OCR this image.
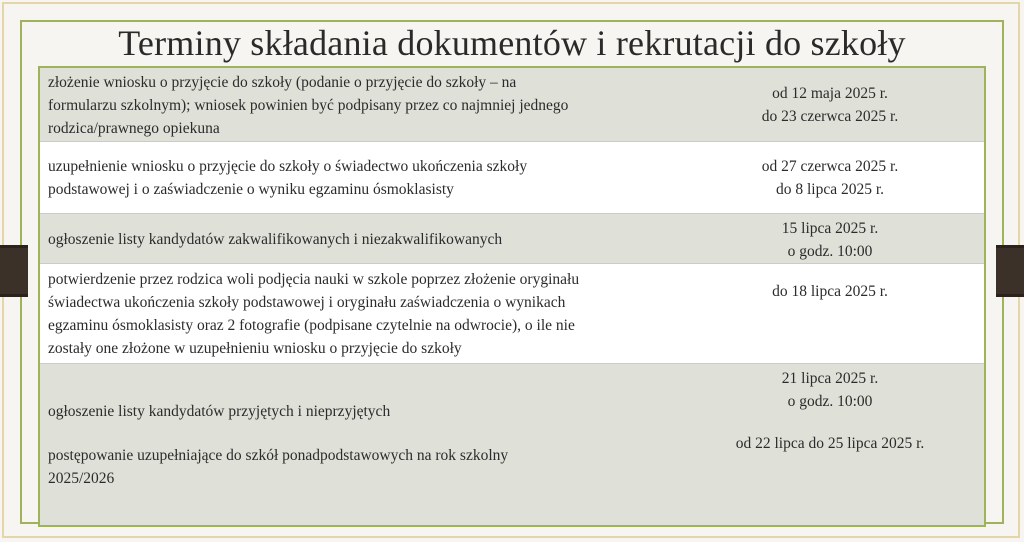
Terminy składania dokumentów i rekrutacji do szkoły
złożenie wniosku o przyjęcie do szkoły (podanie o przyjęcie do szkoły – na
formularzu szkolnym); wniosek powinien być podpisany przez co najmniej jednego
rodzica/prawnego opiekuna
od 12 maja 2025 r.
do 23 czerwca 2025 r.
uzupełnienie wniosku o przyjęcie do szkoły o świadectwo ukończenia szkoły
podstawowej i o zaświadczenie o wyniku egzaminu ósmoklasisty
od 27 czerwca 2025 r.
do 8 lipca 2025 r.
ogłoszenie listy kandydatów zakwalifikowanych i niezakwalifikowanych
15 lipca 2025 r.
o godz. 10:00
potwierdzenie przez rodzica woli podjęcia nauki w szkole poprzez złożenie oryginału
świadectwa ukończenia szkoły podstawowej i oryginału zaświadczenia o wynikach
egzaminu ósmoklasisty oraz 2 fotografie (podpisane czytelnie na odwrocie), o ile nie
zostały one złożone w uzupełnieniu wniosku o przyjęcie do szkoły
do 18 lipca 2025 r.
ogłoszenie listy kandydatów przyjętych i nieprzyjętych
21 lipca 2025 r.
o godz. 10:00
postępowanie uzupełniające do szkół ponadpodstawowych na rok szkolny
2025/2026
od 22 lipca do 25 lipca 2025 r.
